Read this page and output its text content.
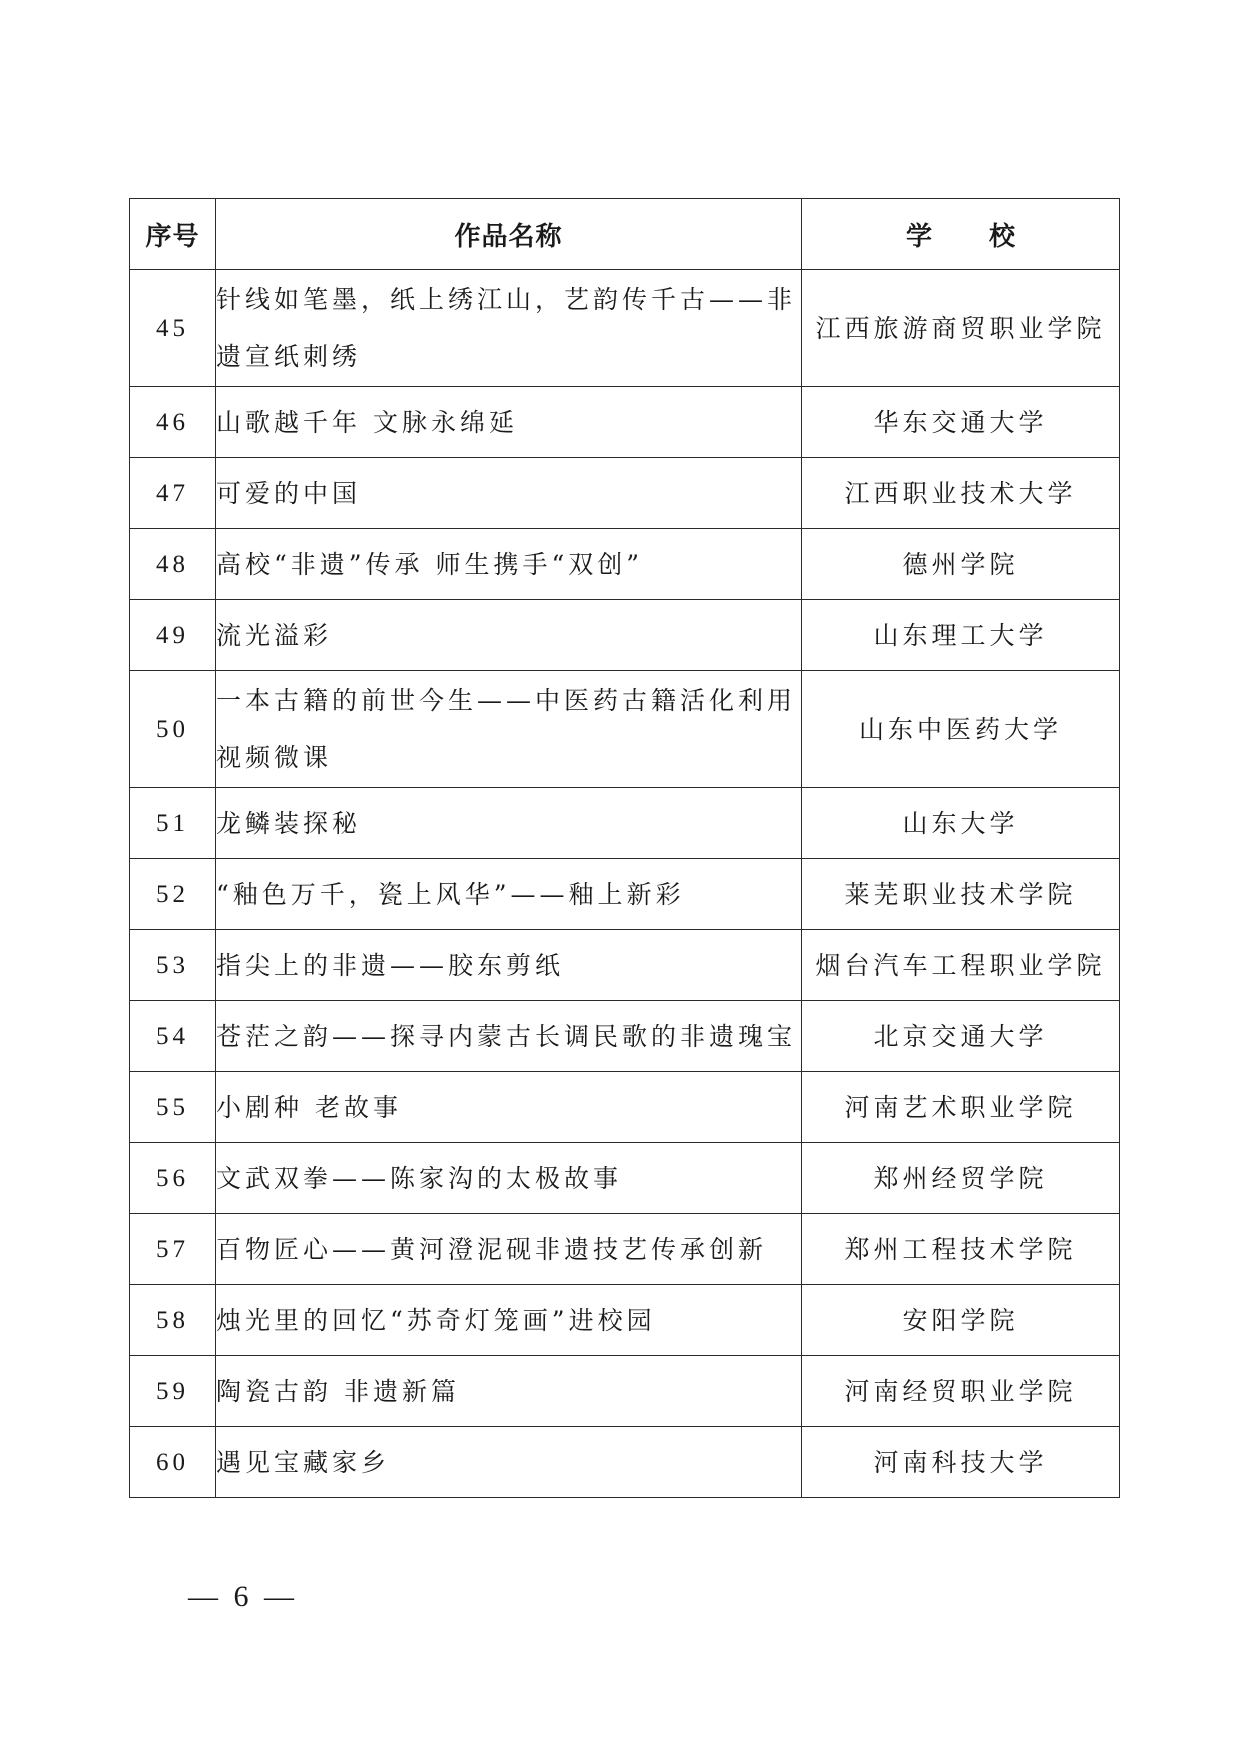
序号	作品名称	学 校
45	针线如笔墨，纸上绣江山，艺韵传千古——非遗宣纸刺绣	江西旅游商贸职业学院
46	山歌越千年 文脉永绵延	华东交通大学
47	可爱的中国	江西职业技术大学
48	高校“非遗”传承 师生携手“双创”	德州学院
49	流光溢彩	山东理工大学
50	一本古籍的前世今生——中医药古籍活化利用视频微课	山东中医药大学
51	龙鳞装探秘	山东大学
52	“釉色万千，瓷上风华”——釉上新彩	莱芜职业技术学院
53	指尖上的非遗——胶东剪纸	烟台汽车工程职业学院
54	苍茫之韵——探寻内蒙古长调民歌的非遗瑰宝	北京交通大学
55	小剧种 老故事	河南艺术职业学院
56	文武双拳——陈家沟的太极故事	郑州经贸学院
57	百物匠心——黄河澄泥砚非遗技艺传承创新	郑州工程技术学院
58	烛光里的回忆“苏奇灯笼画”进校园	安阳学院
59	陶瓷古韵 非遗新篇	河南经贸职业学院
60	遇见宝藏家乡	河南科技大学
— 6 —
